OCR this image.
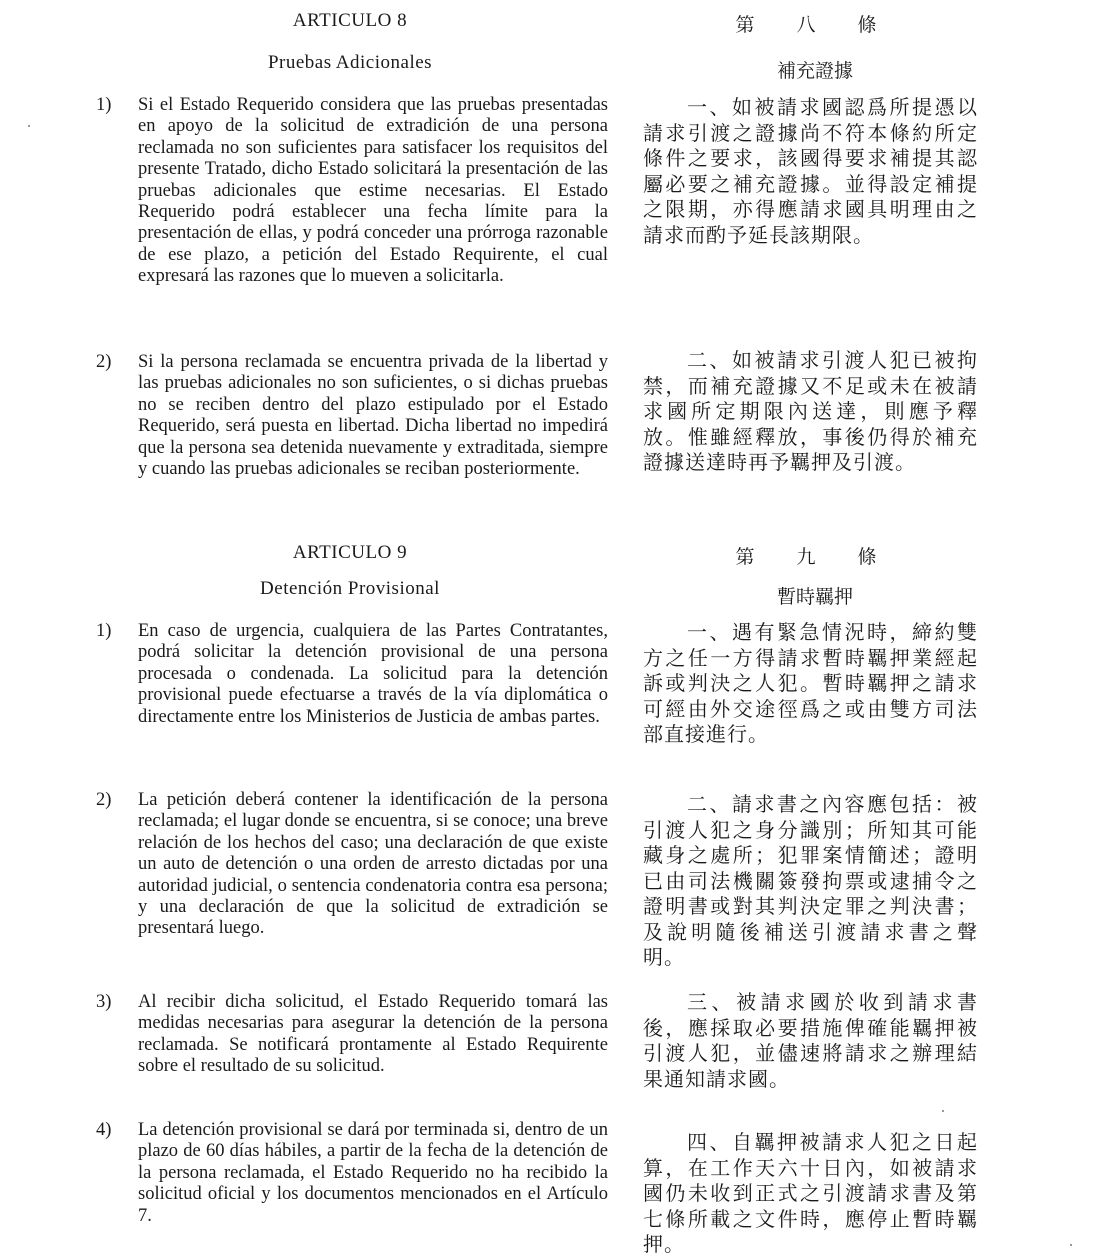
ARTICULO 8
Pruebas Adicionales
1) Si el Estado Requerido considera que las pruebas presentadas en apoyo de la solicitud de extradición de una persona reclamada no son suficientes para satisfacer los requisitos del presente Tratado, dicho Estado solicitará la presentación de las pruebas adicionales que estime necesarias. El Estado Requerido podrá establecer una fecha límite para la presentación de ellas, y podrá conceder una prórroga razonable de ese plazo, a petición del Estado Requirente, el cual expresará las razones que lo mueven a solicitarla.
2) Si la persona reclamada se encuentra privada de la libertad y las pruebas adicionales no son suficientes, o si dichas pruebas no se reciben dentro del plazo estipulado por el Estado Requerido, será puesta en libertad. Dicha libertad no impedirá que la persona sea detenida nuevamente y extraditada, siempre y cuando las pruebas adicionales se reciban posteriormente.
ARTICULO 9
Detención Provisional
1) En caso de urgencia, cualquiera de las Partes Contratantes, podrá solicitar la detención provisional de una persona procesada o condenada. La solicitud para la detención provisional puede efectuarse a través de la vía diplomática o directamente entre los Ministerios de Justicia de ambas partes.
2) La petición deberá contener la identificación de la persona reclamada; el lugar donde se encuentra, si se conoce; una breve relación de los hechos del caso; una declaración de que existe un auto de detención o una orden de arresto dictadas por una autoridad judicial, o sentencia condenatoria contra esa persona; y una declaración de que la solicitud de extradición se presentará luego.
3) Al recibir dicha solicitud, el Estado Requerido tomará las medidas necesarias para asegurar la detención de la persona reclamada. Se notificará prontamente al Estado Requirente sobre el resultado de su solicitud.
4) La detención provisional se dará por terminada si, dentro de un plazo de 60 días hábiles, a partir de la fecha de la detención de la persona reclamada, el Estado Requerido no ha recibido la solicitud oficial y los documentos mencionados en el Artículo 7.
第 八 條
補充證據
一、如被請求國認爲所提憑以請求引渡之證據尚不符本條約所定條件之要求，該國得要求補提其認屬必要之補充證據。並得設定補提之限期，亦得應請求國具明理由之請求而酌予延長該期限。
二、如被請求引渡人犯已被拘禁，而補充證據又不足或未在被請求國所定期限內送達，則應予釋放。惟雖經釋放，事後仍得於補充證據送達時再予羈押及引渡。
第 九 條
暫時羈押
一、遇有緊急情況時，締約雙方之任一方得請求暫時羈押業經起訴或判決之人犯。暫時羈押之請求可經由外交途徑爲之或由雙方司法部直接進行。
二、請求書之內容應包括：被引渡人犯之身分識別；所知其可能藏身之處所；犯罪案情簡述；證明已由司法機關簽發拘票或逮捕令之證明書或對其判決定罪之判決書；及說明隨後補送引渡請求書之聲明。
三、被請求國於收到請求書後，應採取必要措施俾確能羈押被引渡人犯，並儘速將請求之辦理結果通知請求國。
四、自羈押被請求人犯之日起算，在工作天六十日內，如被請求國仍未收到正式之引渡請求書及第七條所載之文件時，應停止暫時羈押。
